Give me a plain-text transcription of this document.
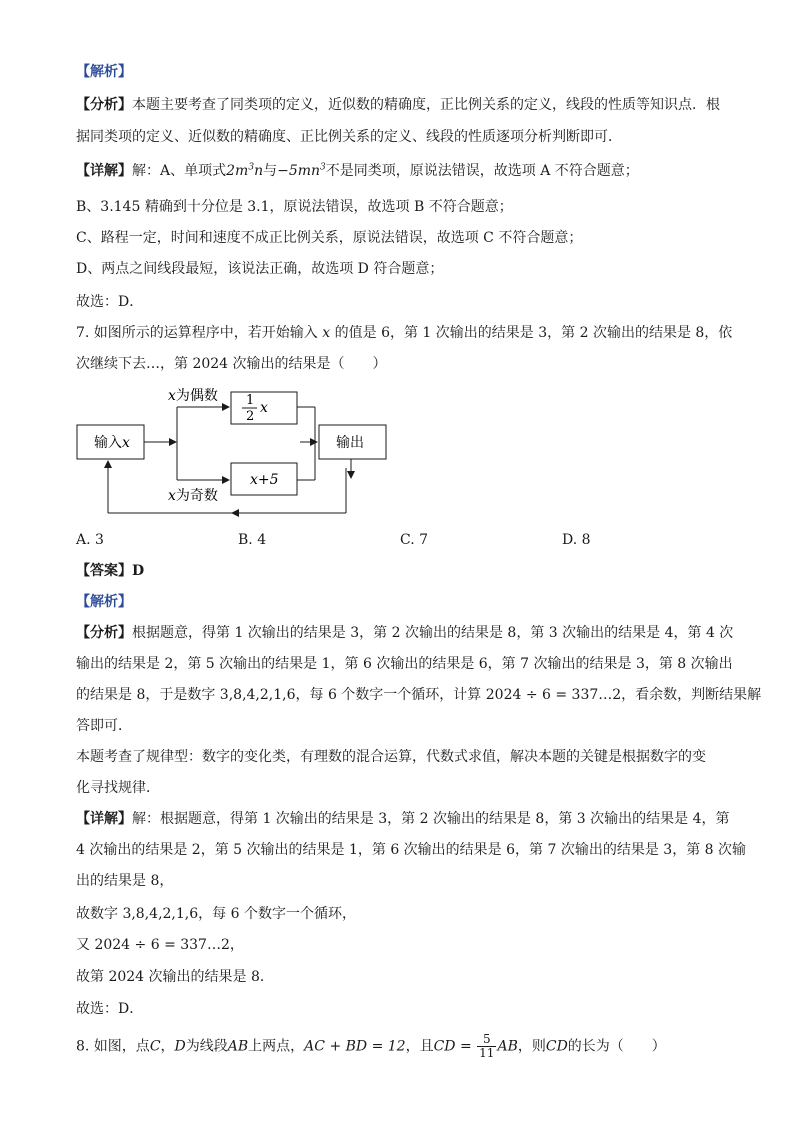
【解析】
【分析】本题主要考查了同类项的定义，近似数的精确度，正比例关系的定义，线段的性质等知识点．根
据同类项的定义、近似数的精确度、正比例关系的定义、线段的性质逐项分析判断即可．
【详解】解：A、单项式$2m^3n$与$-5mn^3$不是同类项，原说法错误，故选项 A 不符合题意；
B、3.145 精确到十分位是 3.1，原说法错误，故选项 B 不符合题意；
C、路程一定，时间和速度不成正比例关系，原说法错误，故选项 C 不符合题意；
D、两点之间线段最短，该说法正确，故选项 D 符合题意；
故选：D．
7. 如图所示的运算程序中，若开始输入 x 的值是 6，第 1 次输出的结果是 3，第 2 次输出的结果是 8，依
次继续下去…，第 2024 次输出的结果是（　　）
输入x
x为偶数 1
2
x
x+5
x为奇数
输出
A. 3	B. 4	C. 7	D. 8
【答案】D
【解析】
【分析】根据题意，得第 1 次输出的结果是 3，第 2 次输出的结果是 8，第 3 次输出的结果是 4，第 4 次
输出的结果是 2，第 5 次输出的结果是 1，第 6 次输出的结果是 6，第 7 次输出的结果是 3，第 8 次输出
的结果是 8，于是数字 3,8,4,2,1,6，每 6 个数字一个循环，计算 2024 ÷ 6 = 337…2，看余数，判断结果解
答即可．
本题考查了规律型：数字的变化类，有理数的混合运算，代数式求值，解决本题的关键是根据数字的变
化寻找规律．
【详解】解：根据题意，得第 1 次输出的结果是 3，第 2 次输出的结果是 8，第 3 次输出的结果是 4，第
4 次输出的结果是 2，第 5 次输出的结果是 1，第 6 次输出的结果是 6，第 7 次输出的结果是 3，第 8 次输
出的结果是 8，
故数字 3,8,4,2,1,6，每 6 个数字一个循环，
又 2024 ÷ 6 = 337…2，
故第 2024 次输出的结果是 8．
故选：D．
8. 如图，点C，D为线段AB上两点，AC + BD = 12，且CD = $\frac{5}{11}$ AB，则CD的长为（　　）
